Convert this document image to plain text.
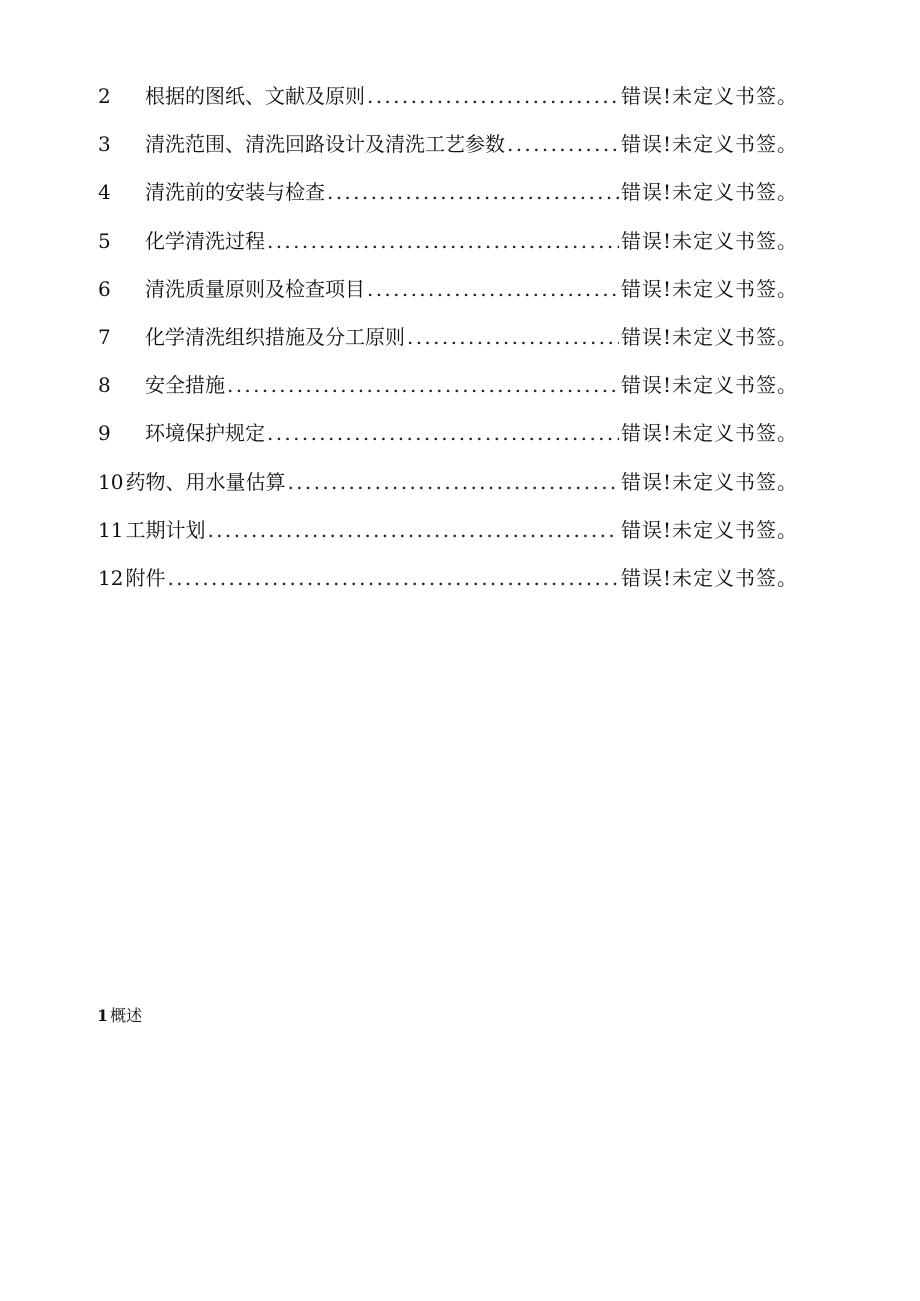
2	根据的图纸、文献及原则 . . .	错误!未定义书签。
3	清洗范围、清洗回路设计及清洗工艺参数 . . .	错误!未定义书签。
4	清洗前的安装与检查 . . .	错误!未定义书签。
5	化学清洗过程 . . .	错误!未定义书签。
6	清洗质量原则及检查项目 . . .	错误!未定义书签。
7	化学清洗组织措施及分工原则 . . .	错误!未定义书签。
8	安全措施 . . .	错误!未定义书签。
9	环境保护规定 . . .	错误!未定义书签。
10 药物、用水量估算 . . .	错误!未定义书签。
11 工期计划 . . .	错误!未定义书签。
12 附件 . . .	错误!未定义书签。
1 概述
